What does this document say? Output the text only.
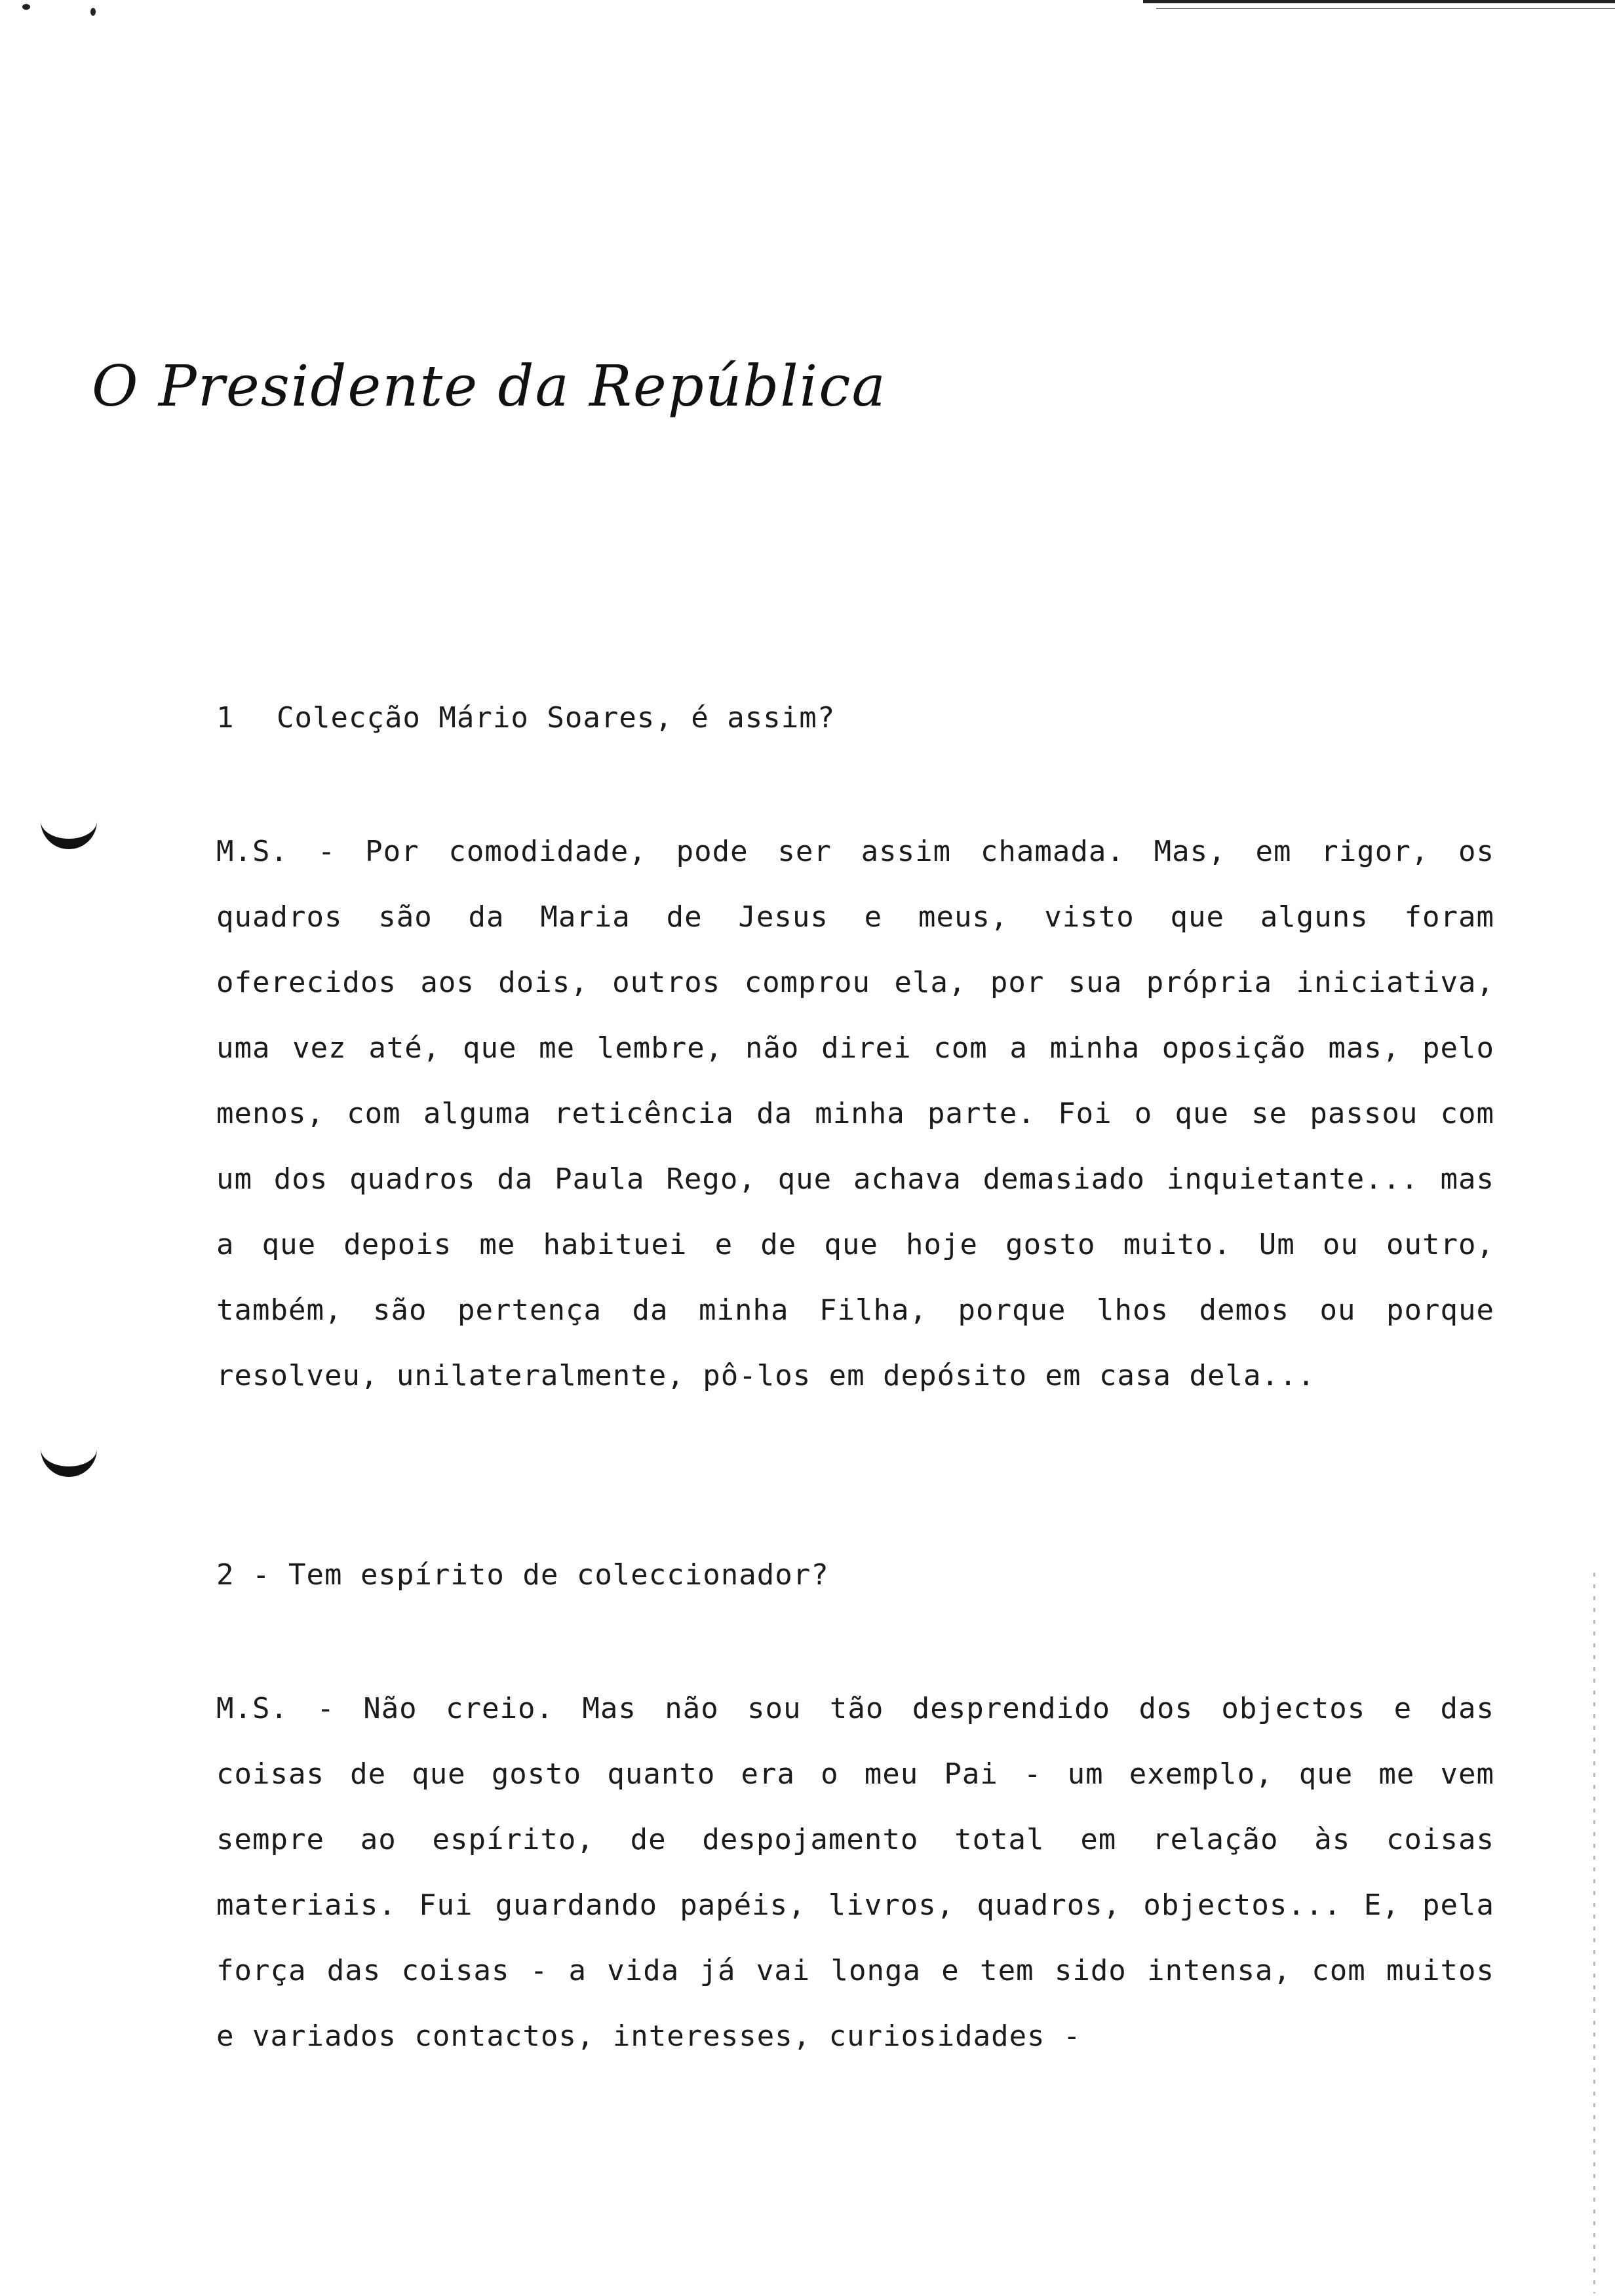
O Presidente da República
1 Colecção Mário Soares, é assim?

M.S. - Por comodidade, pode ser assim chamada. Mas, em rigor, os quadros são da Maria de Jesus e meus, visto que alguns foram oferecidos aos dois, outros comprou ela, por sua própria iniciativa, uma vez até, que me lembre, não direi com a minha oposição mas, pelo menos, com alguma reticência da minha parte. Foi o que se passou com um dos quadros da Paula Rego, que achava demasiado inquietante... mas a que depois me habituei e de que hoje gosto muito. Um ou outro, também, são pertença da minha Filha, porque lhos demos ou porque resolveu, unilateralmente, pô-los em depósito em casa dela...

2 - Tem espírito de coleccionador?

M.S. - Não creio. Mas não sou tão desprendido dos objectos e das coisas de que gosto quanto era o meu Pai - um exemplo, que me vem sempre ao espírito, de despojamento total em relação às coisas materiais. Fui guardando papéis, livros, quadros, objectos... E, pela força das coisas - a vida já vai longa e tem sido intensa, com muitos e variados contactos, interesses, curiosidades -
